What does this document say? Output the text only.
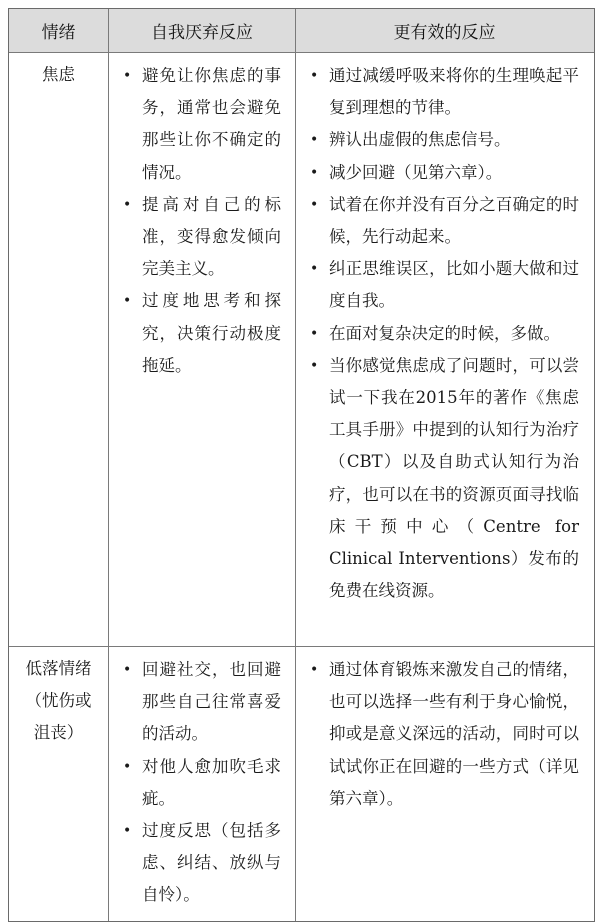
情绪	自我厌弃反应	更有效的反应
焦虑
•	避免让你焦虑的事务，通常也会避免那些让你不确定的情况。
• 提高对自己的标准，变得愈发倾向完美主义。
• 过度地思考和探究，决策行动极度拖延。
• 通过减缓呼吸来将你的生理唤起平复到理想的节律。
• 辨认出虚假的焦虑信号。
• 减少回避（见第六章）。
• 试着在你并没有百分之百确定的时候，先行动起来。
• 纠正思维误区，比如小题大做和过度自我。
• 在面对复杂决定的时候，多做。
• 当你感觉焦虑成了问题时，可以尝试一下我在2015年的著作《焦虑工具手册》中提到的认知行为治疗（CBT）以及自助式认知行为治疗，也可以在书的资源页面寻找临床干预中心（Centre for Clinical Interventions）发布的免费在线资源。
低落情绪（忧伤或沮丧）
• 回避社交，也回避那些自己往常喜爱的活动。
• 对他人愈加吹毛求疵。
• 过度反思（包括多虑、纠结、放纵与自怜）。
• 通过体育锻炼来激发自己的情绪，也可以选择一些有利于身心愉悦，抑或是意义深远的活动，同时可以试试你正在回避的一些方式（详见第六章）。
